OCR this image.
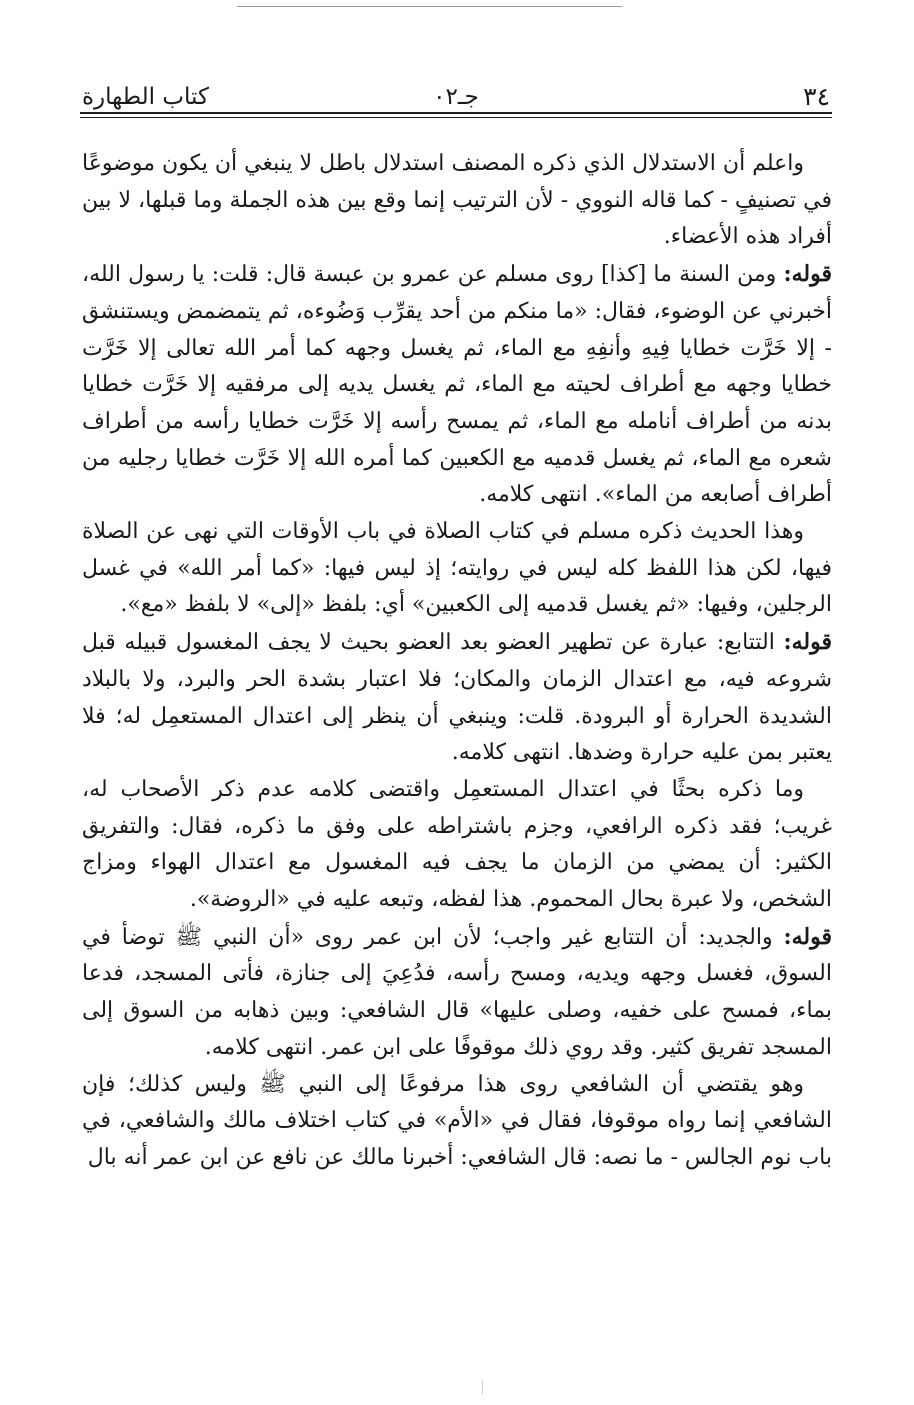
كتاب الطهارة	جـ٠٢	٣٤

واعلم أن الاستدلال الذي ذكره المصنف استدلال باطل لا ينبغي أن يكون موضوعًا في تصنيفٍ - كما قاله النووي - لأن الترتيب إنما وقع بين هذه الجملة وما قبلها، لا بين أفراد هذه الأعضاء.

قوله: ومن السنة ما [كذا] روى مسلم عن عمرو بن عبسة قال: قلت: يا رسول الله، أخبرني عن الوضوء، فقال: «ما منكم من أحد يقرِّب وَضُوءه، ثم يتمضمض ويستنشق - إلا خَرَّت خطايا فِيهِ وأنفِهِ مع الماء، ثم يغسل وجهه كما أمر الله تعالى إلا خَرَّت خطايا وجهه مع أطراف لحيته مع الماء، ثم يغسل يديه إلى مرفقيه إلا خَرَّت خطايا بدنه من أطراف أنامله مع الماء، ثم يمسح رأسه إلا خَرَّت خطايا رأسه من أطراف شعره مع الماء، ثم يغسل قدميه مع الكعبين كما أمره الله إلا خَرَّت خطايا رجليه من أطراف أصابعه من الماء». انتهى كلامه.

وهذا الحديث ذكره مسلم في كتاب الصلاة في باب الأوقات التي نهى عن الصلاة فيها، لكن هذا اللفظ كله ليس في روايته؛ إذ ليس فيها: «كما أمر الله» في غسل الرجلين، وفيها: «ثم يغسل قدميه إلى الكعبين» أي: بلفظ «إلى» لا بلفظ «مع».

قوله: التتابع: عبارة عن تطهير العضو بعد العضو بحيث لا يجف المغسول قبيله قبل شروعه فيه، مع اعتدال الزمان والمكان؛ فلا اعتبار بشدة الحر والبرد، ولا بالبلاد الشديدة الحرارة أو البرودة. قلت: وينبغي أن ينظر إلى اعتدال المستعمِل له؛ فلا يعتبر بمن عليه حرارة وضدها. انتهى كلامه.

وما ذكره بحثًا في اعتدال المستعمِل واقتضى كلامه عدم ذكر الأصحاب له، غريب؛ فقد ذكره الرافعي، وجزم باشتراطه على وفق ما ذكره، فقال: والتفريق الكثير: أن يمضي من الزمان ما يجف فيه المغسول مع اعتدال الهواء ومزاج الشخص، ولا عبرة بحال المحموم. هذا لفظه، وتبعه عليه في «الروضة».

قوله: والجديد: أن التتابع غير واجب؛ لأن ابن عمر روى «أن النبي ﷺ توضأ في السوق، فغسل وجهه ويديه، ومسح رأسه، فدُعِيَ إلى جنازة، فأتى المسجد، فدعا بماء، فمسح على خفيه، وصلى عليها» قال الشافعي: وبين ذهابه من السوق إلى المسجد تفريق كثير. وقد روي ذلك موقوفًا على ابن عمر. انتهى كلامه.

وهو يقتضي أن الشافعي روى هذا مرفوعًا إلى النبي ﷺ وليس كذلك؛ فإن الشافعي إنما رواه موقوفا، فقال في «الأم» في كتاب اختلاف مالك والشافعي، في باب نوم الجالس - ما نصه: قال الشافعي: أخبرنا مالك عن نافع عن ابن عمر أنه بال
